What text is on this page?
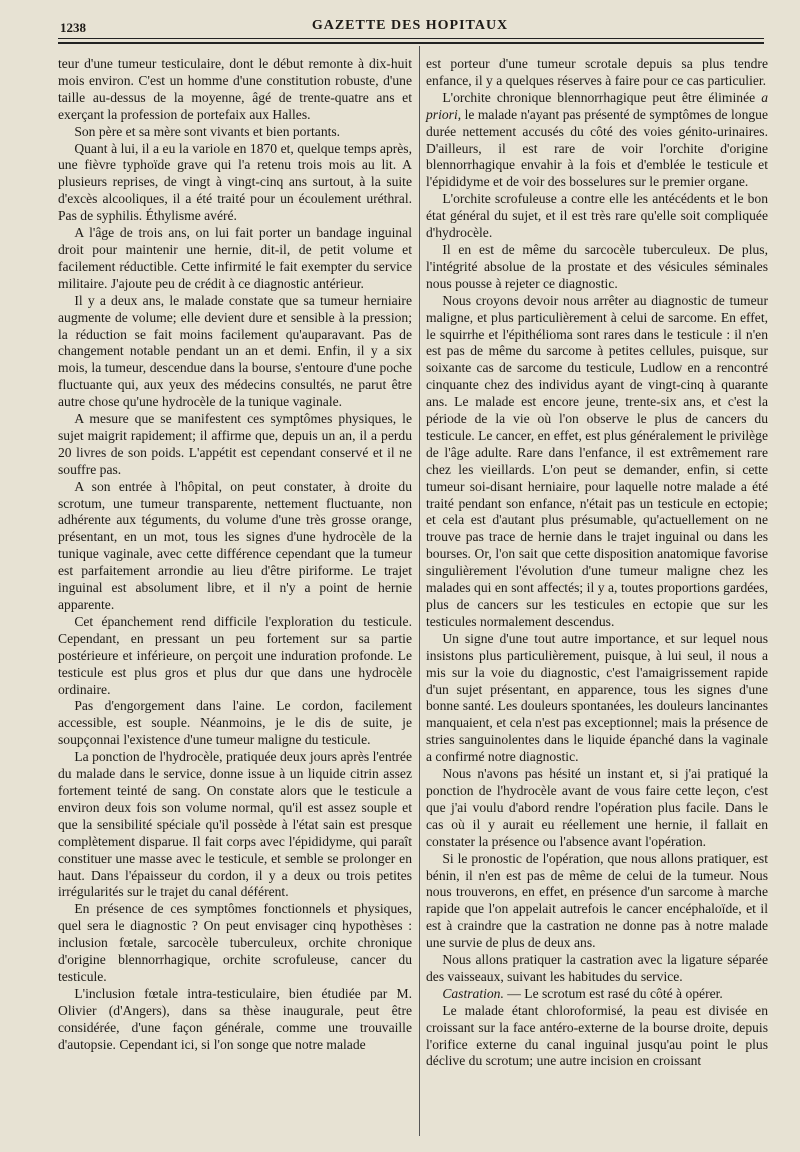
1238	GAZETTE DES HOPITAUX

teur d'une tumeur testiculaire, dont le début remonte à dix-huit mois environ. C'est un homme d'une constitution robuste, d'une taille au-dessus de la moyenne, âgé de trente-quatre ans et exerçant la profession de portefaix aux Halles.

Son père et sa mère sont vivants et bien portants.

Quant à lui, il a eu la variole en 1870 et, quelque temps après, une fièvre typhoïde grave qui l'a retenu trois mois au lit. A plusieurs reprises, de vingt à vingt-cinq ans surtout, à la suite d'excès alcooliques, il a été traité pour un écoulement uréthral. Pas de syphilis. Éthylisme avéré.

A l'âge de trois ans, on lui fait porter un bandage inguinal droit pour maintenir une hernie, dit-il, de petit volume et facilement réductible. Cette infirmité le fait exempter du service militaire. J'ajoute peu de crédit à ce diagnostic antérieur.

Il y a deux ans, le malade constate que sa tumeur herniaire augmente de volume; elle devient dure et sensible à la pression; la réduction se fait moins facilement qu'auparavant. Pas de changement notable pendant un an et demi. Enfin, il y a six mois, la tumeur, descendue dans la bourse, s'entoure d'une poche fluctuante qui, aux yeux des médecins consultés, ne parut être autre chose qu'une hydrocèle de la tunique vaginale.

A mesure que se manifestent ces symptômes physiques, le sujet maigrit rapidement; il affirme que, depuis un an, il a perdu 20 livres de son poids. L'appétit est cependant conservé et il ne souffre pas.

A son entrée à l'hôpital, on peut constater, à droite du scrotum, une tumeur transparente, nettement fluctuante, non adhérente aux téguments, du volume d'une très grosse orange, présentant, en un mot, tous les signes d'une hydrocèle de la tunique vaginale, avec cette différence cependant que la tumeur est parfaitement arrondie au lieu d'être piriforme. Le trajet inguinal est absolument libre, et il n'y a point de hernie apparente.

Cet épanchement rend difficile l'exploration du testicule. Cependant, en pressant un peu fortement sur sa partie postérieure et inférieure, on perçoit une induration profonde. Le testicule est plus gros et plus dur que dans une hydrocèle ordinaire.

Pas d'engorgement dans l'aine. Le cordon, facilement accessible, est souple. Néanmoins, je le dis de suite, je soupçonnai l'existence d'une tumeur maligne du testicule.

La ponction de l'hydrocèle, pratiquée deux jours après l'entrée du malade dans le service, donne issue à un liquide citrin assez fortement teinté de sang. On constate alors que le testicule a environ deux fois son volume normal, qu'il est assez souple et que la sensibilité spéciale qu'il possède à l'état sain est presque complètement disparue. Il fait corps avec l'épididyme, qui paraît constituer une masse avec le testicule, et semble se prolonger en haut. Dans l'épaisseur du cordon, il y a deux ou trois petites irrégularités sur le trajet du canal déférent.

En présence de ces symptômes fonctionnels et physiques, quel sera le diagnostic ? On peut envisager cinq hypothèses : inclusion fœtale, sarcocèle tuberculeux, orchite chronique d'origine blennorrhagique, orchite scrofuleuse, cancer du testicule.

L'inclusion fœtale intra-testiculaire, bien étudiée par M. Olivier (d'Angers), dans sa thèse inaugurale, peut être considérée, d'une façon générale, comme une trouvaille d'autopsie. Cependant ici, si l'on songe que notre malade

est porteur d'une tumeur scrotale depuis sa plus tendre enfance, il y a quelques réserves à faire pour ce cas particulier.

L'orchite chronique blennorrhagique peut être éliminée a priori, le malade n'ayant pas présenté de symptômes de longue durée nettement accusés du côté des voies génito-urinaires. D'ailleurs, il est rare de voir l'orchite d'origine blennorrhagique envahir à la fois et d'emblée le testicule et l'épididyme et de voir des bosselures sur le premier organe.

L'orchite scrofuleuse a contre elle les antécédents et le bon état général du sujet, et il est très rare qu'elle soit compliquée d'hydrocèle.

Il en est de même du sarcocèle tuberculeux. De plus, l'intégrité absolue de la prostate et des vésicules séminales nous pousse à rejeter ce diagnostic.

Nous croyons devoir nous arrêter au diagnostic de tumeur maligne, et plus particulièrement à celui de sarcome. En effet, le squirrhe et l'épithélioma sont rares dans le testicule : il n'en est pas de même du sarcome à petites cellules, puisque, sur soixante cas de sarcome du testicule, Ludlow en a rencontré cinquante chez des individus ayant de vingt-cinq à quarante ans. Le malade est encore jeune, trente-six ans, et c'est la période de la vie où l'on observe le plus de cancers du testicule. Le cancer, en effet, est plus généralement le privilège de l'âge adulte. Rare dans l'enfance, il est extrêmement rare chez les vieillards. L'on peut se demander, enfin, si cette tumeur soi-disant herniaire, pour laquelle notre malade a été traité pendant son enfance, n'était pas un testicule en ectopie; et cela est d'autant plus présumable, qu'actuellement on ne trouve pas trace de hernie dans le trajet inguinal ou dans les bourses. Or, l'on sait que cette disposition anatomique favorise singulièrement l'évolution d'une tumeur maligne chez les malades qui en sont affectés; il y a, toutes proportions gardées, plus de cancers sur les testicules en ectopie que sur les testicules normalement descendus.

Un signe d'une tout autre importance, et sur lequel nous insistons plus particulièrement, puisque, à lui seul, il nous a mis sur la voie du diagnostic, c'est l'amaigrissement rapide d'un sujet présentant, en apparence, tous les signes d'une bonne santé. Les douleurs spontanées, les douleurs lancinantes manquaient, et cela n'est pas exceptionnel; mais la présence de stries sanguinolentes dans le liquide épanché dans la vaginale a confirmé notre diagnostic.

Nous n'avons pas hésité un instant et, si j'ai pratiqué la ponction de l'hydrocèle avant de vous faire cette leçon, c'est que j'ai voulu d'abord rendre l'opération plus facile. Dans le cas où il y aurait eu réellement une hernie, il fallait en constater la présence ou l'absence avant l'opération.

Si le pronostic de l'opération, que nous allons pratiquer, est bénin, il n'en est pas de même de celui de la tumeur. Nous nous trouverons, en effet, en présence d'un sarcome à marche rapide que l'on appelait autrefois le cancer encéphaloïde, et il est à craindre que la castration ne donne pas à notre malade une survie de plus de deux ans.

Nous allons pratiquer la castration avec la ligature séparée des vaisseaux, suivant les habitudes du service.

Castration. — Le scrotum est rasé du côté à opérer.

Le malade étant chloroformisé, la peau est divisée en croissant sur la face antéro-externe de la bourse droite, depuis l'orifice externe du canal inguinal jusqu'au point le plus déclive du scrotum; une autre incision en croissant
